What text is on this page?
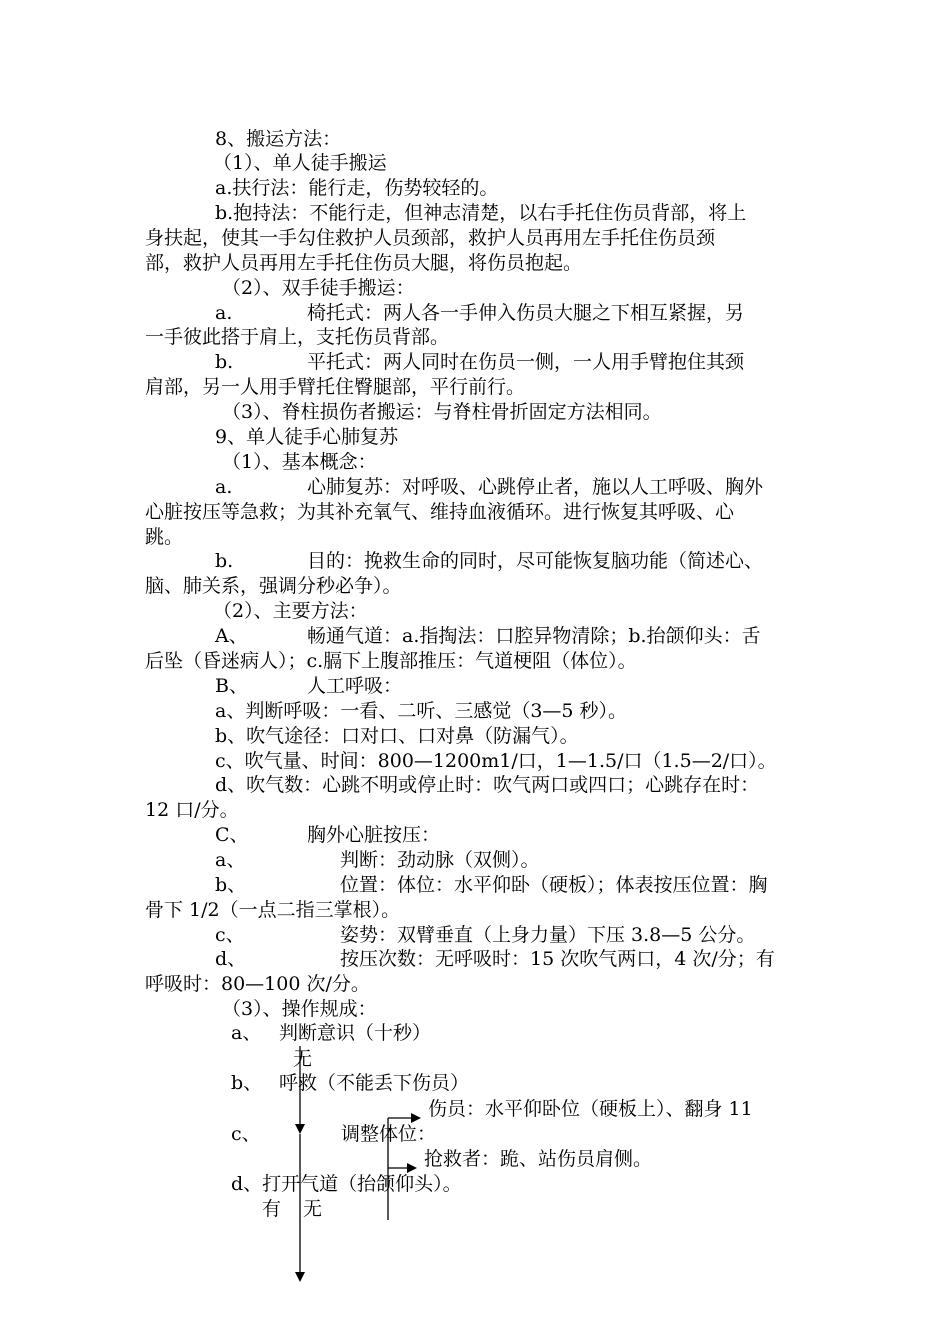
8、搬运方法：
（1）、单人徒手搬运
a.扶行法：能行走，伤势较轻的。
b.抱持法：不能行走，但神志清楚，以右手托住伤员背部，将上
身扶起，使其一手勾住救护人员颈部，救护人员再用左手托住伤员颈
部，救护人员再用左手托住伤员大腿，将伤员抱起。
（2）、双手徒手搬运：
a.	椅托式：两人各一手伸入伤员大腿之下相互紧握，另
一手彼此搭于肩上，支托伤员背部。
b.	平托式：两人同时在伤员一侧，一人用手臂抱住其颈
肩部，另一人用手臂托住臀腿部，平行前行。
（3）、脊柱损伤者搬运：与脊柱骨折固定方法相同。
9、单人徒手心肺复苏
（1）、基本概念：
a.	心肺复苏：对呼吸、心跳停止者，施以人工呼吸、胸外
心脏按压等急救；为其补充氧气、维持血液循环。进行恢复其呼吸、心
跳。
b.	目的：挽救生命的同时，尽可能恢复脑功能（简述心、
脑、肺关系，强调分秒必争）。
（2）、主要方法：
A、	畅通气道：a.指掏法：口腔异物清除；b.抬颌仰头：舌
后坠（昏迷病人）；c.膈下上腹部推压：气道梗阻（体位）。
B、	人工呼吸：
a、判断呼吸：一看、二听、三感觉（3—5 秒）。
b、吹气途径：口对口、口对鼻（防漏气）。
c、吹气量、时间：800—1200m1/口，1—1.5/口（1.5—2/口）。
d、吹气数：心跳不明或停止时：吹气两口或四口；心跳存在时：
12 口/分。
C、	胸外心脏按压：
a、	判断：劲动脉（双侧）。
b、	位置：体位：水平仰卧（硬板）；体表按压位置：胸
骨下 1/2（一点二指三掌根）。
c、	姿势：双臂垂直（上身力量）下压 3.8—5 公分。
d、	按压次数：无呼吸时：15 次吹气两口，4 次/分；有
呼吸时：80—100 次/分。
（3）、操作规成：
a、 判断意识（十秒）
无
b、 呼救（不能丢下伤员）
伤员：水平仰卧位（硬板上）、翻身 11
c、	调整体位：
抢救者：跪、站伤员肩侧。
d、打开气道（抬颌仰头）。
有 无
